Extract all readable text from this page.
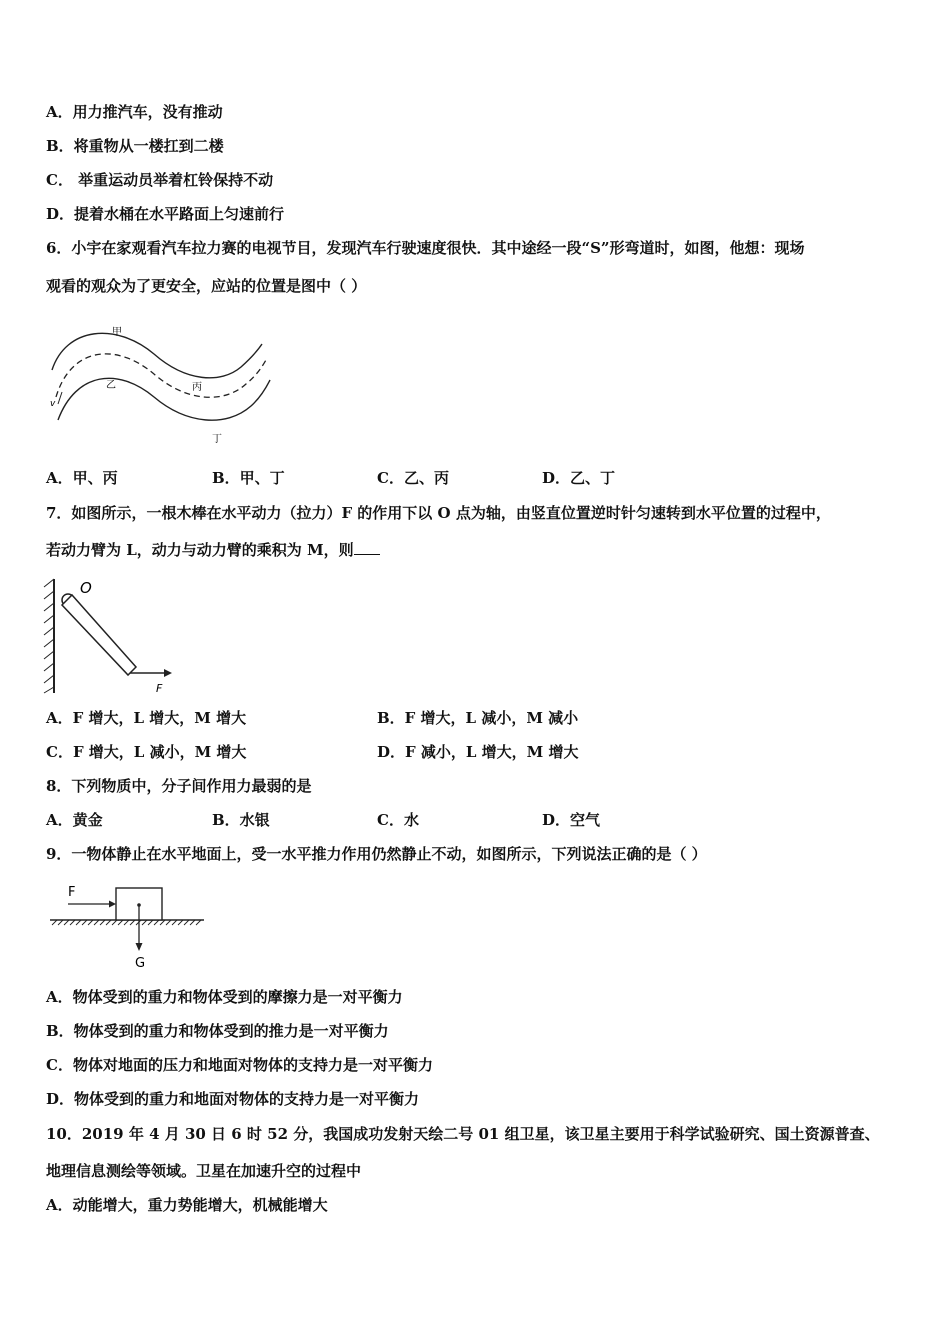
A．用力推汽车，没有推动
B．将重物从一楼扛到二楼
C． 举重运动员举着杠铃保持不动
D．提着水桶在水平路面上匀速前行
6．小宇在家观看汽车拉力赛的电视节目，发现汽车行驶速度很快．其中途经一段“S”形弯道时，如图，他想：现场
观看的观众为了更安全，应站的位置是图中（ ）
甲
乙	丙
丁
v
A．甲、丙	B．甲、丁	C．乙、丙	D．乙、丁
7．如图所示，一根木棒在水平动力（拉力）F 的作用下以 O 点为轴，由竖直位置逆时针匀速转到水平位置的过程中，
若动力臂为 L，动力与动力臂的乘积为 M，则
O
F
A．F 增大，L 增大，M 增大	B．F 增大，L 减小，M 减小
C．F 增大，L 减小，M 增大	D．F 减小，L 增大，M 增大
8．下列物质中，分子间作用力最弱的是
A．黄金	B．水银	C．水	D．空气
9．一物体静止在水平地面上，受一水平推力作用仍然静止不动，如图所示，下列说法正确的是（ ）
F
G
A．物体受到的重力和物体受到的摩擦力是一对平衡力
B．物体受到的重力和物体受到的推力是一对平衡力
C．物体对地面的压力和地面对物体的支持力是一对平衡力
D．物体受到的重力和地面对物体的支持力是一对平衡力
10．2019 年 4 月 30 日 6 时 52 分，我国成功发射天绘二号 01 组卫星，该卫星主要用于科学试验研究、国土资源普查、
地理信息测绘等领域。卫星在加速升空的过程中
A．动能增大，重力势能增大，机械能增大
